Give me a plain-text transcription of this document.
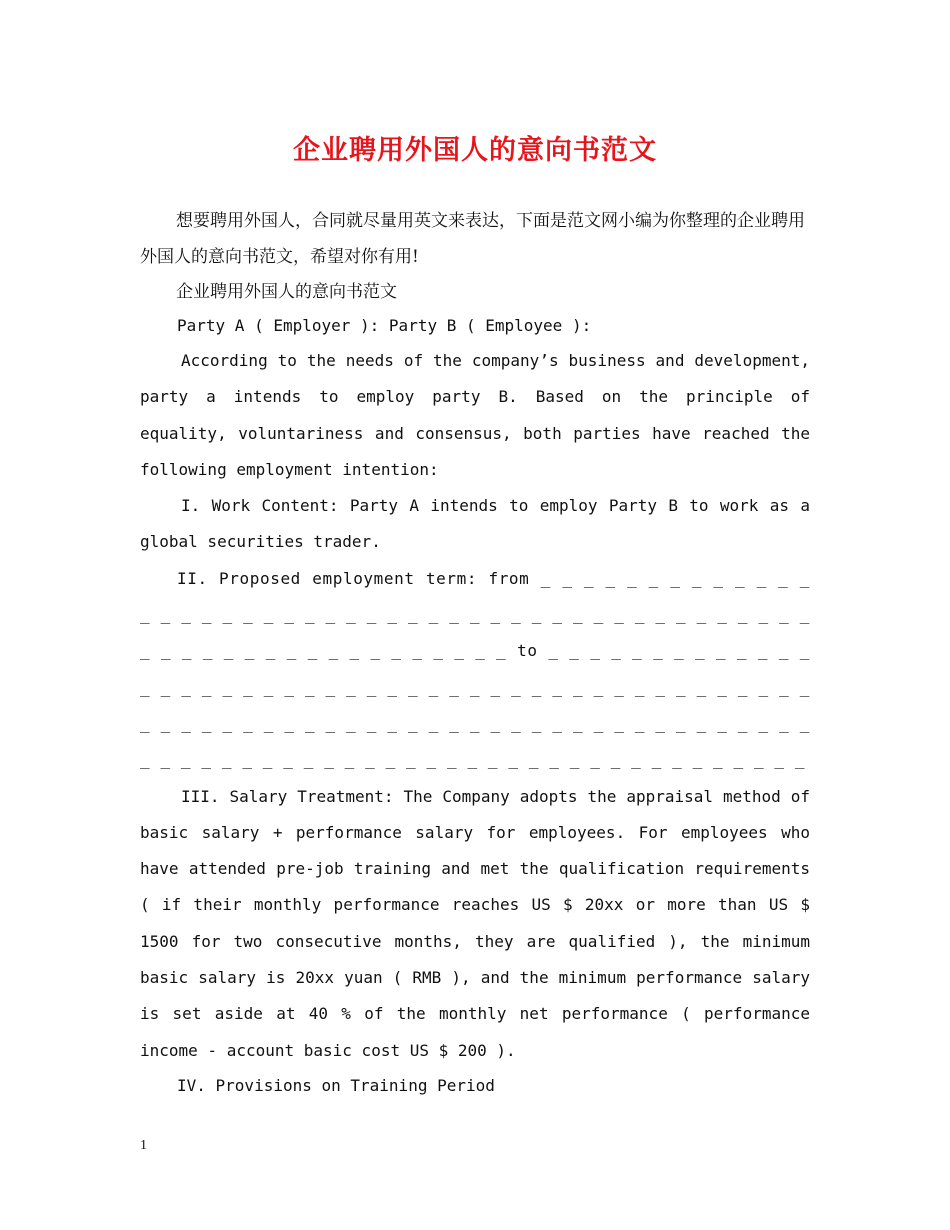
企业聘用外国人的意向书范文

想要聘用外国人，合同就尽量用英文来表达，下面是范文网小编为你整理的企业聘用外国人的意向书范文，希望对你有用!

企业聘用外国人的意向书范文

Party A ( Employer ): Party B ( Employee ):

According to the needs of the company’s business and development, party a intends to employ party B. Based on the principle of equality, voluntariness and consensus, both parties have reached the following employment intention:

I. Work Content: Party A intends to employ Party B to work as a global securities trader.

II. Proposed employment term: from _ _ _ _ _ _ _ _ _ _ _ _ _ _ _ _ _ _ _ _ _ _ _ _ _ _ _ _ _ _ _ _ _ _ _ _ _ _ _ _ _ _ _ _ _ _ _ _ _ _ _ _ _ _ _ _ _ _ _ _ _ _ _ _ to _ _ _ _ _ _ _ _ _ _ _ _ _ _ _ _ _ _ _ _ _ _ _ _ _ _ _ _ _ _ _ _ _ _ _ _ _ _ _ _ _ _ _ _ _ _ _ _ _ _ _ _ _ _ _ _ _ _ _ _ _ _ _ _ _ _ _ _ _ _ _ _ _ _ _ _ _ _ _ _ _ _ _ _ _ _ _ _ _ _ _ _ _ _ _ _ _ _ _ _ _ _ _ _ _ _ _ _ _ _ _ _

III. Salary Treatment: The Company adopts the appraisal method of basic salary + performance salary for employees. For employees who have attended pre-job training and met the qualification requirements ( if their monthly performance reaches US $ 20xx or more than US $ 1500 for two consecutive months, they are qualified ), the minimum basic salary is 20xx yuan ( RMB ), and the minimum performance salary is set aside at 40 % of the monthly net performance ( performance income - account basic cost US $ 200 ).

IV. Provisions on Training Period

1
